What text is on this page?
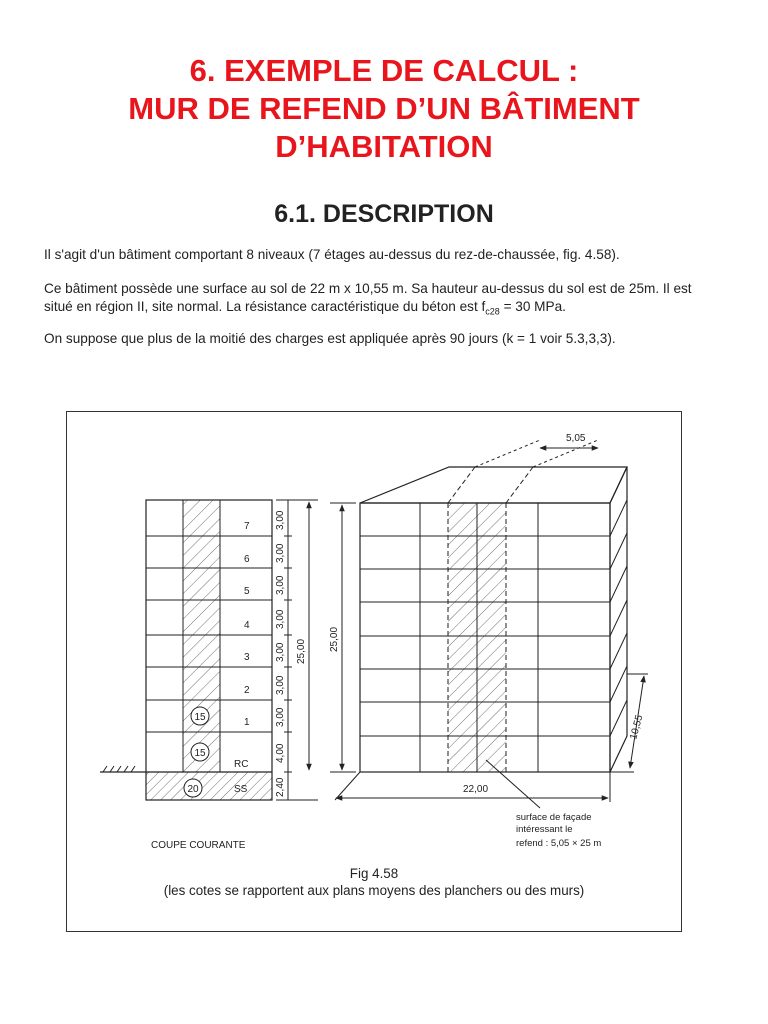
6. EXEMPLE DE CALCUL :
MUR DE REFEND D’UN BÂTIMENT
D’HABITATION
6.1. DESCRIPTION
Il s'agit d'un bâtiment comportant 8 niveaux (7 étages au-dessus du rez-de-chaussée, fig. 4.58).
Ce bâtiment possède une surface au sol de 22 m x 10,55 m. Sa hauteur au-dessus du sol est de 25m. Il est situé en région II, site normal. La résistance caractéristique du béton est $f_{c28} = 30$ MPa.
On suppose que plus de la moitié des charges est appliquée après 90 jours (k = 1 voir 5.3,3,3).
7
6
5
4
3
2
1
RC
SS
15
15
20
3,00
3,00
3,00
3,00
3,00
3,00
3,00
4,00
2,40
25,00
COUPE COURANTE
5,05
25,00
22,00
10,55
surface de façade
intéressant le
refend : 5,05 × 25 m
Fig 4.58
(les cotes se rapportent aux plans moyens des planchers ou des murs)
